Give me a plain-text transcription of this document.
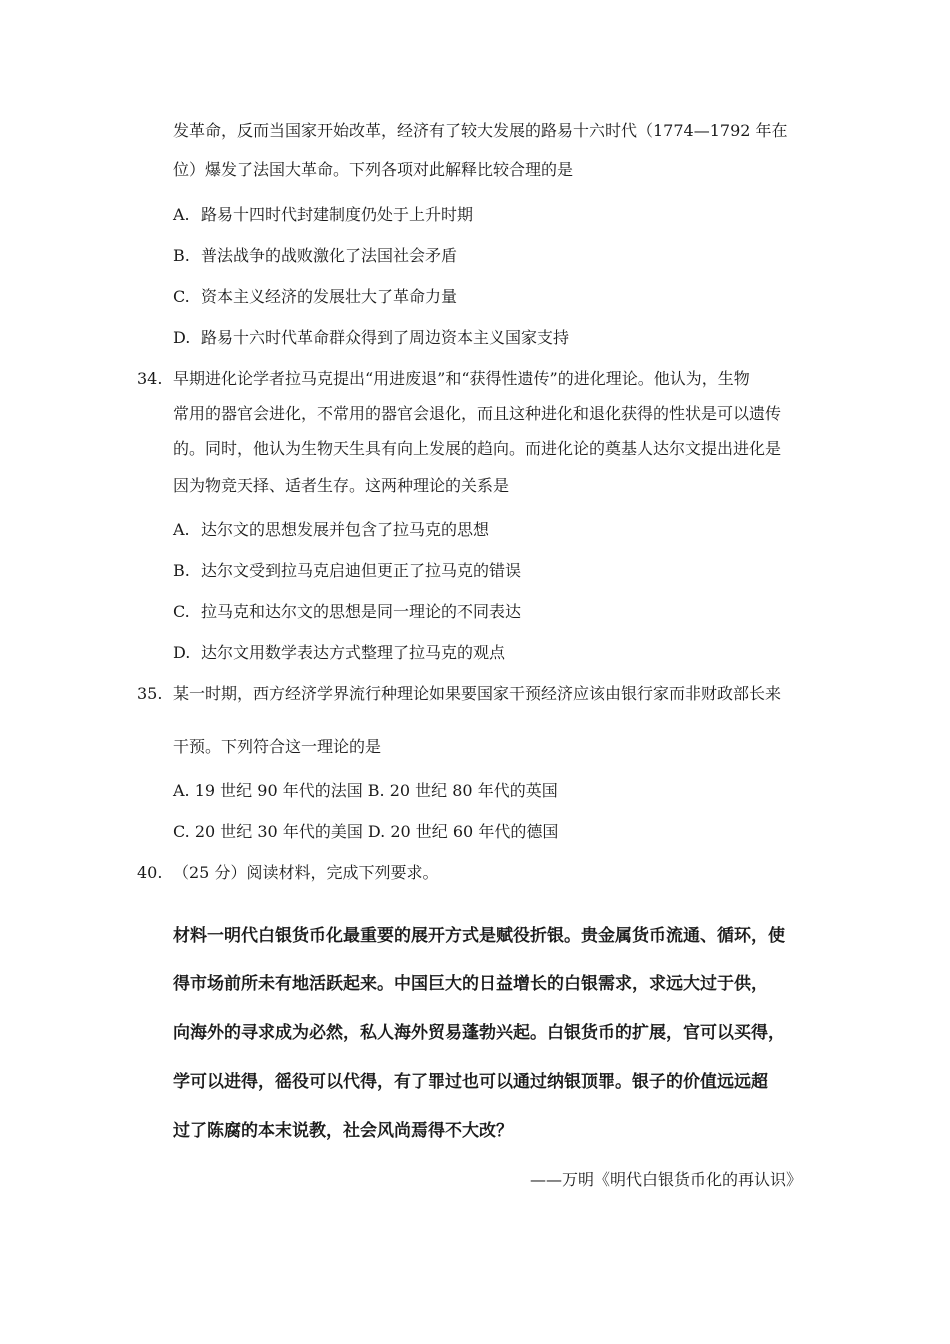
发革命，反而当国家开始改革，经济有了较大发展的路易十六时代（1774—1792 年在
位）爆发了法国大革命。下列各项对此解释比较合理的是
A. 路易十四时代封建制度仍处于上升时期
B. 普法战争的战败激化了法国社会矛盾
C. 资本主义经济的发展壮大了革命力量
D. 路易十六时代革命群众得到了周边资本主义国家支持
34. 早期进化论学者拉马克提出“用进废退”和“获得性遗传”的进化理论。他认为，生物
常用的器官会进化，不常用的器官会退化，而且这种进化和退化获得的性状是可以遗传
的。同时，他认为生物天生具有向上发展的趋向。而进化论的奠基人达尔文提出进化是
因为物竞天择、适者生存。这两种理论的关系是
A. 达尔文的思想发展并包含了拉马克的思想
B. 达尔文受到拉马克启迪但更正了拉马克的错误
C. 拉马克和达尔文的思想是同一理论的不同表达
D. 达尔文用数学表达方式整理了拉马克的观点
35. 某一时期，西方经济学界流行种理论如果要国家干预经济应该由银行家而非财政部长来
干预。下列符合这一理论的是
A. 19 世纪 90 年代的法国 B. 20 世纪 80 年代的英国
C. 20 世纪 30 年代的美国 D. 20 世纪 60 年代的德国
40. （25 分）阅读材料，完成下列要求。
材料一明代白银货币化最重要的展开方式是赋役折银。贵金属货币流通、循环，使
得市场前所未有地活跃起来。中国巨大的日益增长的白银需求，求远大过于供，
向海外的寻求成为必然，私人海外贸易蓬勃兴起。白银货币的扩展，官可以买得，
学可以进得，徭役可以代得，有了罪过也可以通过纳银顶罪。银子的价值远远超
过了陈腐的本末说教，社会风尚焉得不大改？
——万明《明代白银货币化的再认识》
